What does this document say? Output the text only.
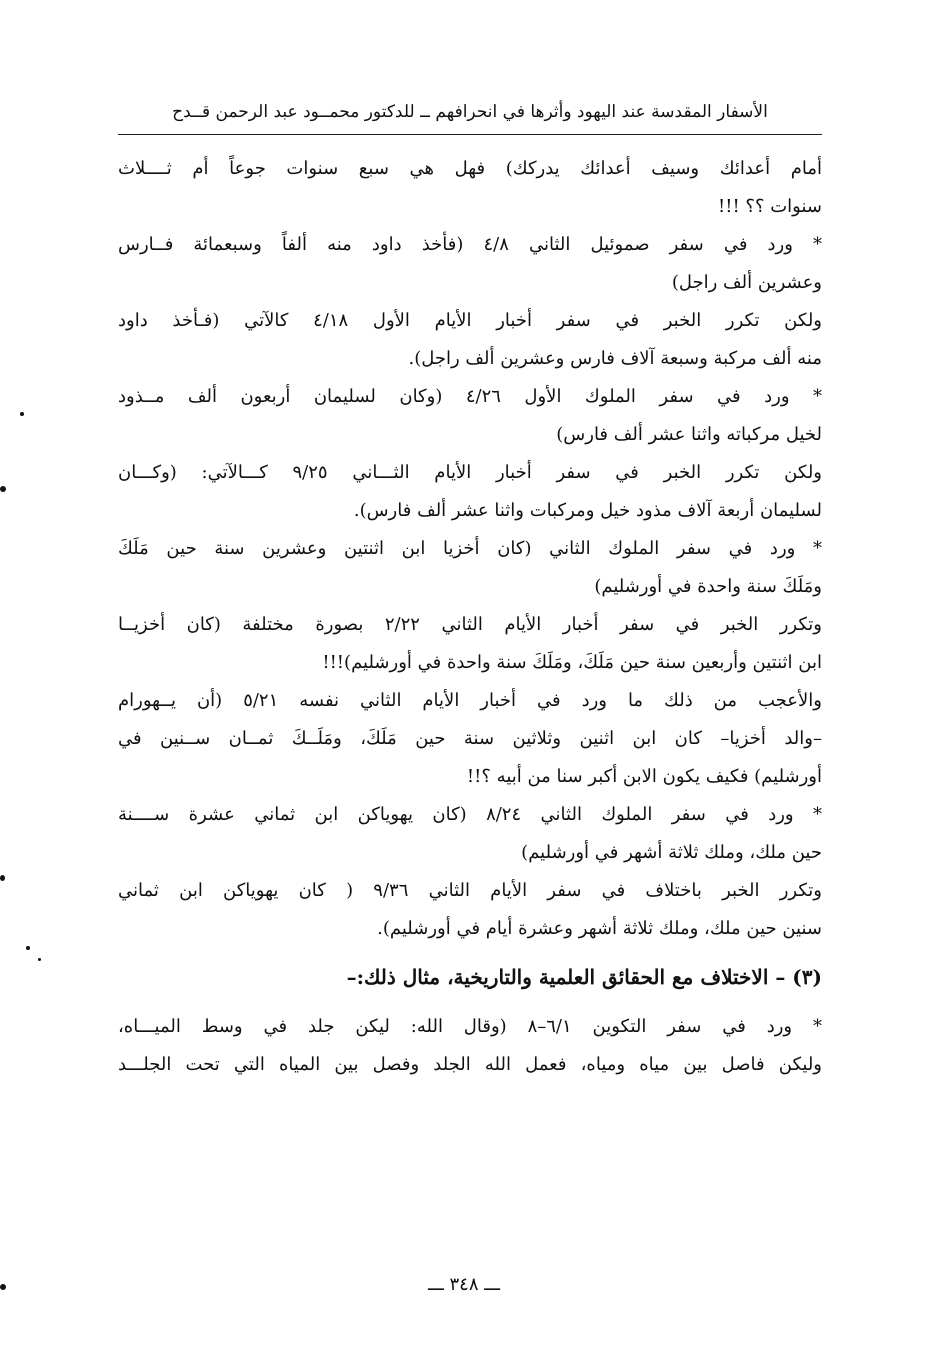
الأسفار المقدسة عند اليهود وأثرها في انحرافهم ــ للدكتور محمــود عبد الرحمن قــدح
أمام أعدائك وسيف أعدائك يدركك) فهل هي سبع سنوات جوعاً أم ثــــلاث
سنوات ؟؟ !!!
* ورد في سفر صموئيل الثاني ٤/٨ (فأخذ داود منه ألفاً وسبعمائة فــارس
وعشرين ألف راجل)
ولكن تكرر الخبر في سفر أخبار الأيام الأول ٤/١٨ كالآتي (فـأخذ داود
منه ألف مركبة وسبعة آلاف فارس وعشرين ألف راجل).
* ورد في سفر الملوك الأول ٤/٢٦ (وكان لسليمان أربعون ألف مــذود
لخيل مركباته واثنا عشر ألف فارس)
ولكن تكرر الخبر في سفر أخبار الأيام الثـــاني ٩/٢٥ كـــالآتي: (وكـــان
لسليمان أربعة آلاف مذود خيل ومركبات واثنا عشر ألف فارس).
* ورد في سفر الملوك الثاني (كان أخزيا ابن اثنتين وعشرين سنة حين مَلَكَ
ومَلَكَ سنة واحدة في أورشليم)
وتكرر الخبر في سفر أخبار الأيام الثاني ٢/٢٢ بصورة مختلفة (كان أخزيــا
ابن اثنتين وأربعين سنة حين مَلَكَ، ومَلَكَ سنة واحدة في أورشليم)!!!
والأعجب من ذلك ما ورد في أخبار الأيام الثاني نفسه ٥/٢١ (أن يــهورام
–والد أخزيا– كان ابن اثنين وثلاثين سنة حين مَلَكَ، ومَلَــكَ ثمــان ســنين في
أورشليم) فكيف يكون الابن أكبر سنا من أبيه ؟!!
* ورد في سفر الملوك الثاني ٨/٢٤ (كان يهوياكن ابن ثماني عشرة ســــنة
حين ملك، وملك ثلاثة أشهر في أورشليم)
وتكرر الخبر باختلاف في سفر الأيام الثاني ٩/٣٦ ( كان يهوياكن ابن ثماني
سنين حين ملك، وملك ثلاثة أشهر وعشرة أيام في أورشليم).
(٣) – الاختلاف مع الحقائق العلمية والتاريخية، مثال ذلك:–
* ورد في سفر التكوين ٦/١–٨ (وقال الله: ليكن جلد في وسط الميـــاه،
وليكن فاصل بين مياه ومياه، فعمل الله الجلد وفصل بين المياه التي تحت الجلـــد
ـــ ٣٤٨ ـــ
